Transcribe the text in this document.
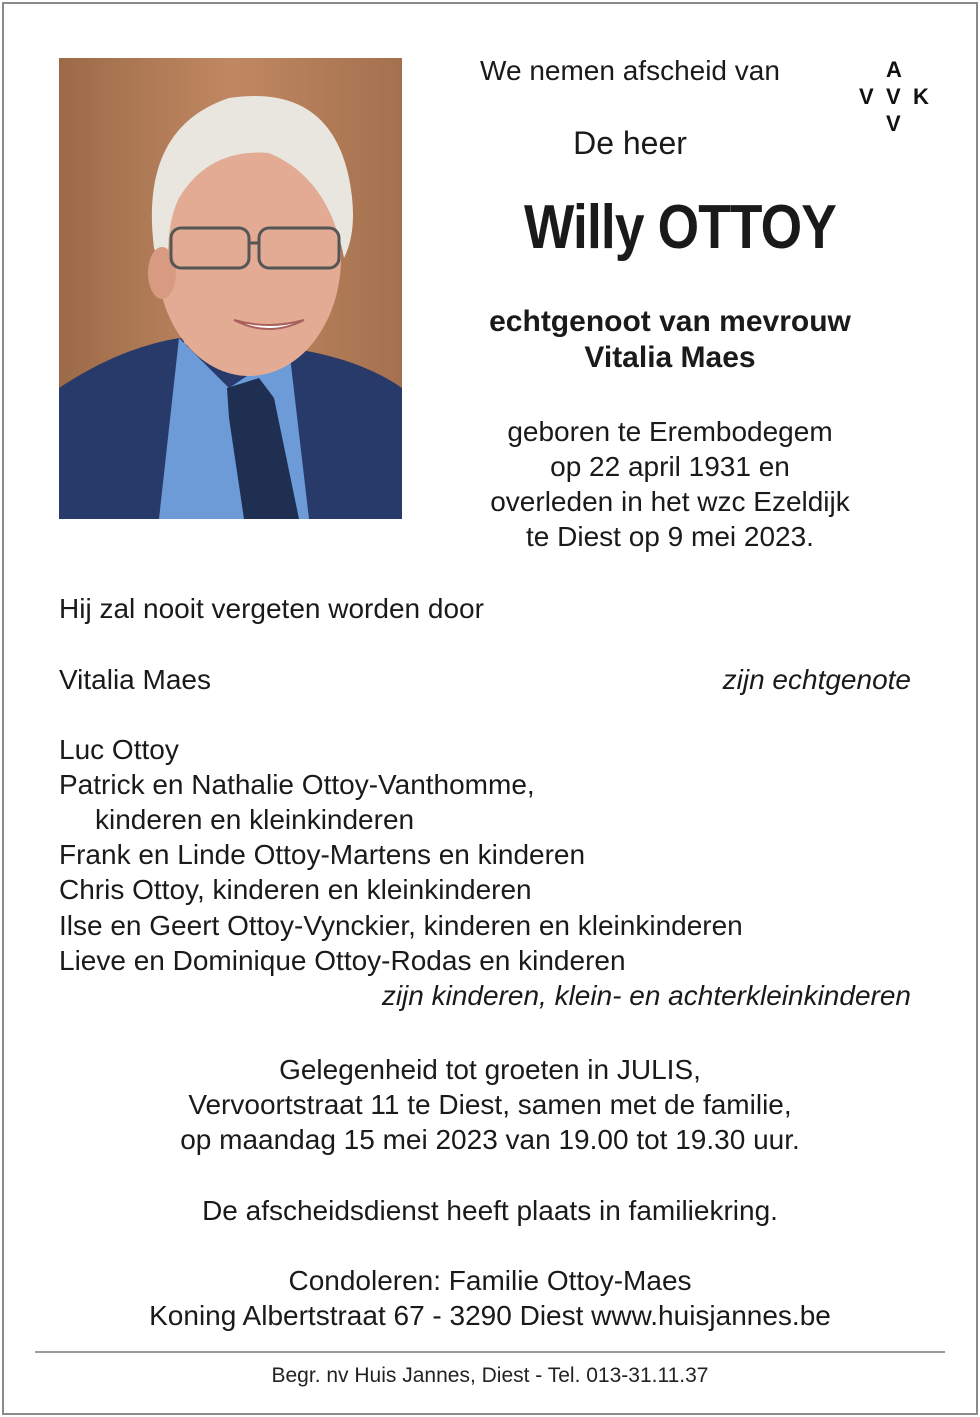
A
V V K
V
We nemen afscheid van
De heer
Willy OTTOY
echtgenoot van mevrouw
Vitalia Maes
geboren te Erembodegem
op 22 april 1931 en
overleden in het wzc Ezeldijk
te Diest op 9 mei 2023.
Hij zal nooit vergeten worden door
Vitalia Maes	zijn echtgenote
Luc Ottoy
Patrick en Nathalie Ottoy-Vanthomme,
kinderen en kleinkinderen
Frank en Linde Ottoy-Martens en kinderen
Chris Ottoy, kinderen en kleinkinderen
Ilse en Geert Ottoy-Vynckier, kinderen en kleinkinderen
Lieve en Dominique Ottoy-Rodas en kinderen
zijn kinderen, klein- en achterkleinkinderen
Gelegenheid tot groeten in JULIS,
Vervoortstraat 11 te Diest, samen met de familie,
op maandag 15 mei 2023 van 19.00 tot 19.30 uur.
De afscheidsdienst heeft plaats in familiekring.
Condoleren: Familie Ottoy-Maes
Koning Albertstraat 67 - 3290 Diest www.huisjannes.be
Begr. nv Huis Jannes, Diest - Tel. 013-31.11.37
